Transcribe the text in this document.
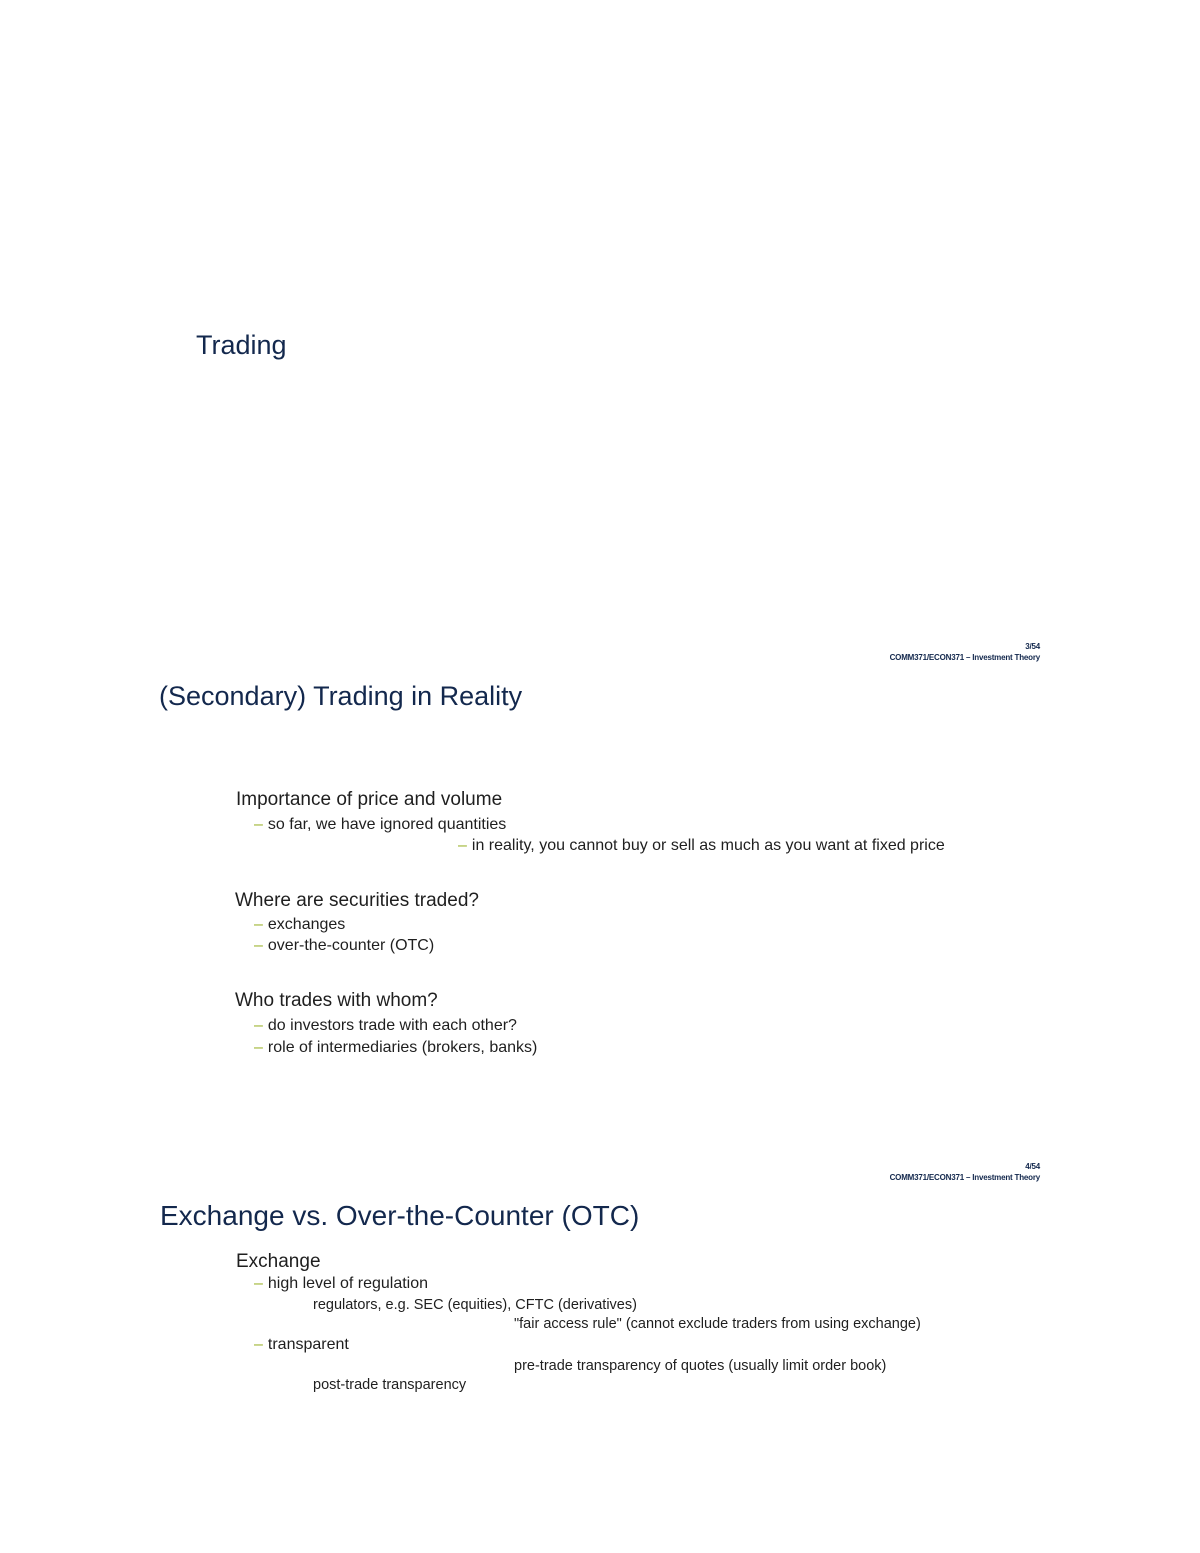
Trading
3/54
COMM371/ECON371 – Investment Theory
(Secondary) Trading in Reality
Importance of price and volume
– so far, we have ignored quantities
– in reality, you cannot buy or sell as much as you want at fixed price
Where are securities traded?
– exchanges
– over-the-counter (OTC)
Who trades with whom?
– do investors trade with each other?
– role of intermediaries (brokers, banks)
4/54
COMM371/ECON371 – Investment Theory
Exchange vs. Over-the-Counter (OTC)
Exchange
– high level of regulation
regulators, e.g. SEC (equities), CFTC (derivatives)
"fair access rule" (cannot exclude traders from using exchange)
– transparent
pre-trade transparency of quotes (usually limit order book)
post-trade transparency
